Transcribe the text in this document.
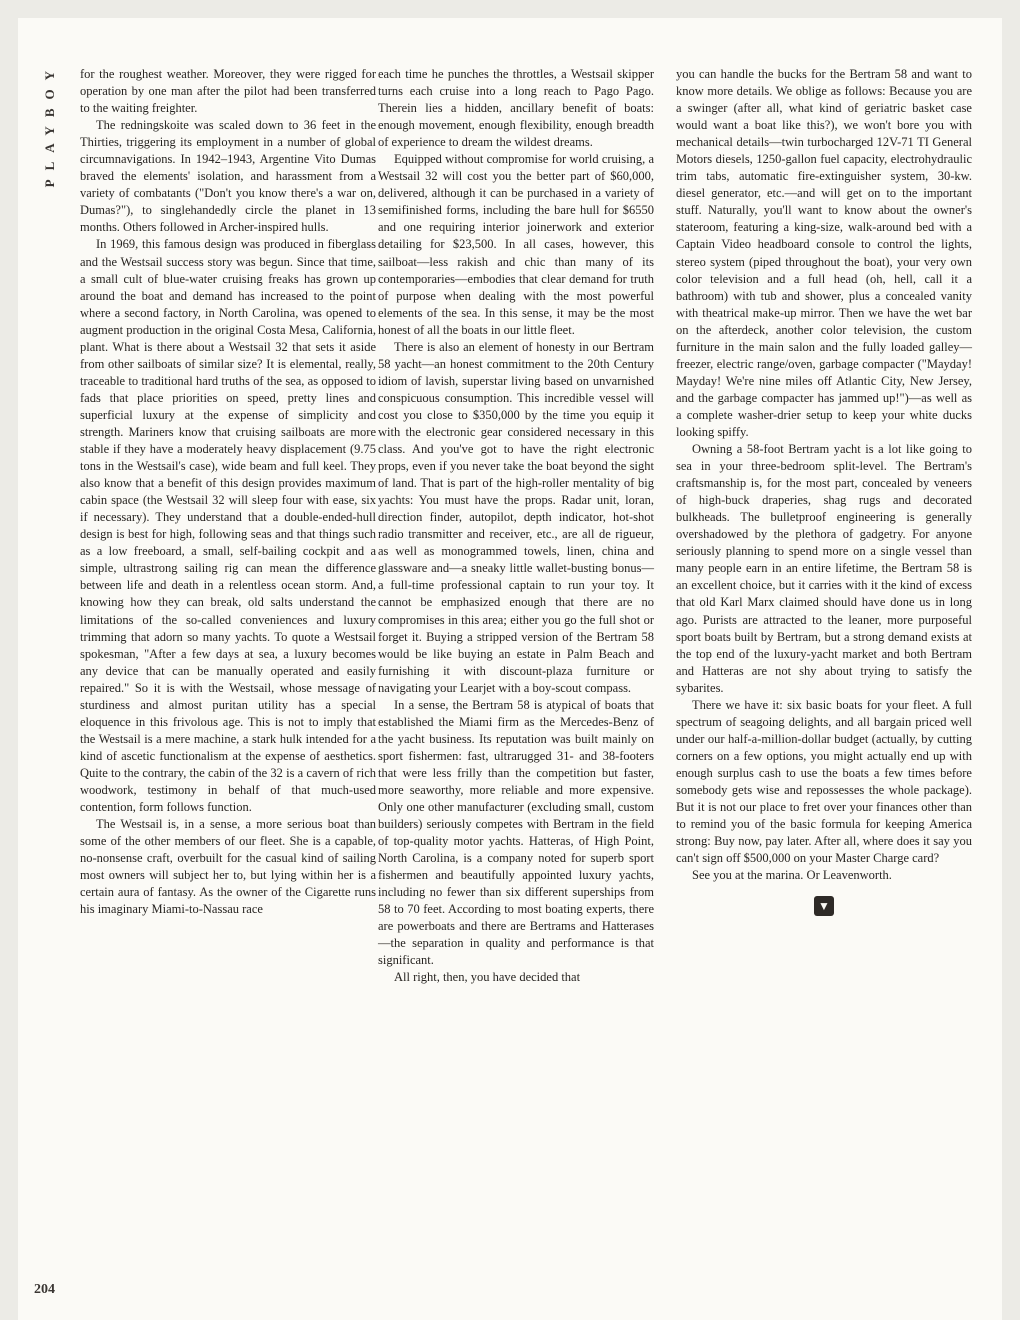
PLAYBOY	for the roughest weather. Moreover, they were rigged for operation by one man after the pilot had been transferred to the waiting freighter.

The redningskoite was scaled down to 36 feet in the Thirties, triggering its employment in a number of global circumnavigations. In 1942–1943, Argentine Vito Dumas braved the elements' isolation, and harassment from a variety of combatants ("Don't you know there's a war on, Dumas?"), to singlehandedly circle the planet in 13 months. Others followed in Archer-inspired hulls.

In 1969, this famous design was produced in fiberglass and the Westsail success story was begun. Since that time, a small cult of blue-water cruising freaks has grown up around the boat and demand has increased to the point where a second factory, in North Carolina, was opened to augment production in the original Costa Mesa, California, plant. What is there about a Westsail 32 that sets it aside from other sailboats of similar size? It is elemental, really, traceable to traditional hard truths of the sea, as opposed to fads that place priorities on speed, pretty lines and superficial luxury at the expense of simplicity and strength. Mariners know that cruising sailboats are more stable if they have a moderately heavy displacement (9.75 tons in the Westsail's case), wide beam and full keel. They also know that a benefit of this design provides maximum cabin space (the Westsail 32 will sleep four with ease, six if necessary). They understand that a double-ended-hull design is best for high, following seas and that things such as a low freeboard, a small, self-bailing cockpit and a simple, ultrastrong sailing rig can mean the difference between life and death in a relentless ocean storm. And, knowing how they can break, old salts understand the limitations of the so-called conveniences and luxury trimming that adorn so many yachts. To quote a Westsail spokesman, "After a few days at sea, a luxury becomes any device that can be manually operated and easily repaired." So it is with the Westsail, whose message of sturdiness and almost puritan utility has a special eloquence in this frivolous age. This is not to imply that the Westsail is a mere machine, a stark hulk intended for a kind of ascetic functionalism at the expense of aesthetics. Quite to the contrary, the cabin of the 32 is a cavern of rich woodwork, testimony in behalf of that much-used contention, form follows function.

The Westsail is, in a sense, a more serious boat than some of the other members of our fleet. She is a capable, no-nonsense craft, overbuilt for the casual kind of sailing most owners will subject her to, but lying within her is a certain aura of fantasy. As the owner of the Cigarette runs his imaginary Miami-to-Nassau race

each time he punches the throttles, a Westsail skipper turns each cruise into a long reach to Pago Pago. Therein lies a hidden, ancillary benefit of boats: enough movement, enough flexibility, enough breadth of experience to dream the wildest dreams.

Equipped without compromise for world cruising, a Westsail 32 will cost you the better part of $60,000, delivered, although it can be purchased in a variety of semifinished forms, including the bare hull for $6550 and one requiring interior joinerwork and exterior detailing for $23,500. In all cases, however, this sailboat—less rakish and chic than many of its contemporaries—embodies that clear demand for truth of purpose when dealing with the most powerful elements of the sea. In this sense, it may be the most honest of all the boats in our little fleet.

There is also an element of honesty in our Bertram 58 yacht—an honest commitment to the 20th Century idiom of lavish, superstar living based on unvarnished conspicuous consumption. This incredible vessel will cost you close to $350,000 by the time you equip it with the electronic gear considered necessary in this class. And you've got to have the right electronic props, even if you never take the boat beyond the sight of land. That is part of the high-roller mentality of big yachts: You must have the props. Radar unit, loran, direction finder, autopilot, depth indicator, hot-shot radio transmitter and receiver, etc., are all de rigueur, as well as monogrammed towels, linen, china and glassware and—a sneaky little wallet-busting bonus—a full-time professional captain to run your toy. It cannot be emphasized enough that there are no compromises in this area; either you go the full shot or forget it. Buying a stripped version of the Bertram 58 would be like buying an estate in Palm Beach and furnishing it with discount-plaza furniture or navigating your Learjet with a boy-scout compass.

In a sense, the Bertram 58 is atypical of boats that established the Miami firm as the Mercedes-Benz of the yacht business. Its reputation was built mainly on sport fishermen: fast, ultrarugged 31- and 38-footers that were less frilly than the competition but faster, more seaworthy, more reliable and more expensive. Only one other manufacturer (excluding small, custom builders) seriously competes with Bertram in the field of top-quality motor yachts. Hatteras, of High Point, North Carolina, is a company noted for superb sport fishermen and beautifully appointed luxury yachts, including no fewer than six different superships from 58 to 70 feet. According to most boating experts, there are powerboats and there are Bertrams and Hatterases—the separation in quality and performance is that significant.

All right, then, you have decided that

you can handle the bucks for the Bertram 58 and want to know more details. We oblige as follows: Because you are a swinger (after all, what kind of geriatric basket case would want a boat like this?), we won't bore you with mechanical details—twin turbocharged 12V-71 TI General Motors diesels, 1250-gallon fuel capacity, electrohydraulic trim tabs, automatic fire-extinguisher system, 30-kw. diesel generator, etc.—and will get on to the important stuff. Naturally, you'll want to know about the owner's stateroom, featuring a king-size, walk-around bed with a Captain Video headboard console to control the lights, stereo system (piped throughout the boat), your very own color television and a full head (oh, hell, call it a bathroom) with tub and shower, plus a concealed vanity with theatrical make-up mirror. Then we have the wet bar on the afterdeck, another color television, the custom furniture in the main salon and the fully loaded galley—freezer, electric range/oven, garbage compacter ("Mayday! Mayday! We're nine miles off Atlantic City, New Jersey, and the garbage compacter has jammed up!")—as well as a complete washer-drier setup to keep your white ducks looking spiffy.

Owning a 58-foot Bertram yacht is a lot like going to sea in your three-bedroom split-level. The Bertram's craftsmanship is, for the most part, concealed by veneers of high-buck draperies, shag rugs and decorated bulkheads. The bulletproof engineering is generally overshadowed by the plethora of gadgetry. For anyone seriously planning to spend more on a single vessel than many people earn in an entire lifetime, the Bertram 58 is an excellent choice, but it carries with it the kind of excess that old Karl Marx claimed should have done us in long ago. Purists are attracted to the leaner, more purposeful sport boats built by Bertram, but a strong demand exists at the top end of the luxury-yacht market and both Bertram and Hatteras are not shy about trying to satisfy the sybarites.

There we have it: six basic boats for your fleet. A full spectrum of seagoing delights, and all bargain priced well under our half-a-million-dollar budget (actually, by cutting corners on a few options, you might actually end up with enough surplus cash to use the boats a few times before somebody gets wise and repossesses the whole package). But it is not our place to fret over your finances other than to remind you of the basic formula for keeping America strong: Buy now, pay later. After all, where does it say you can't sign off $500,000 on your Master Charge card?

See you at the marina. Or Leavenworth.

▼
204
